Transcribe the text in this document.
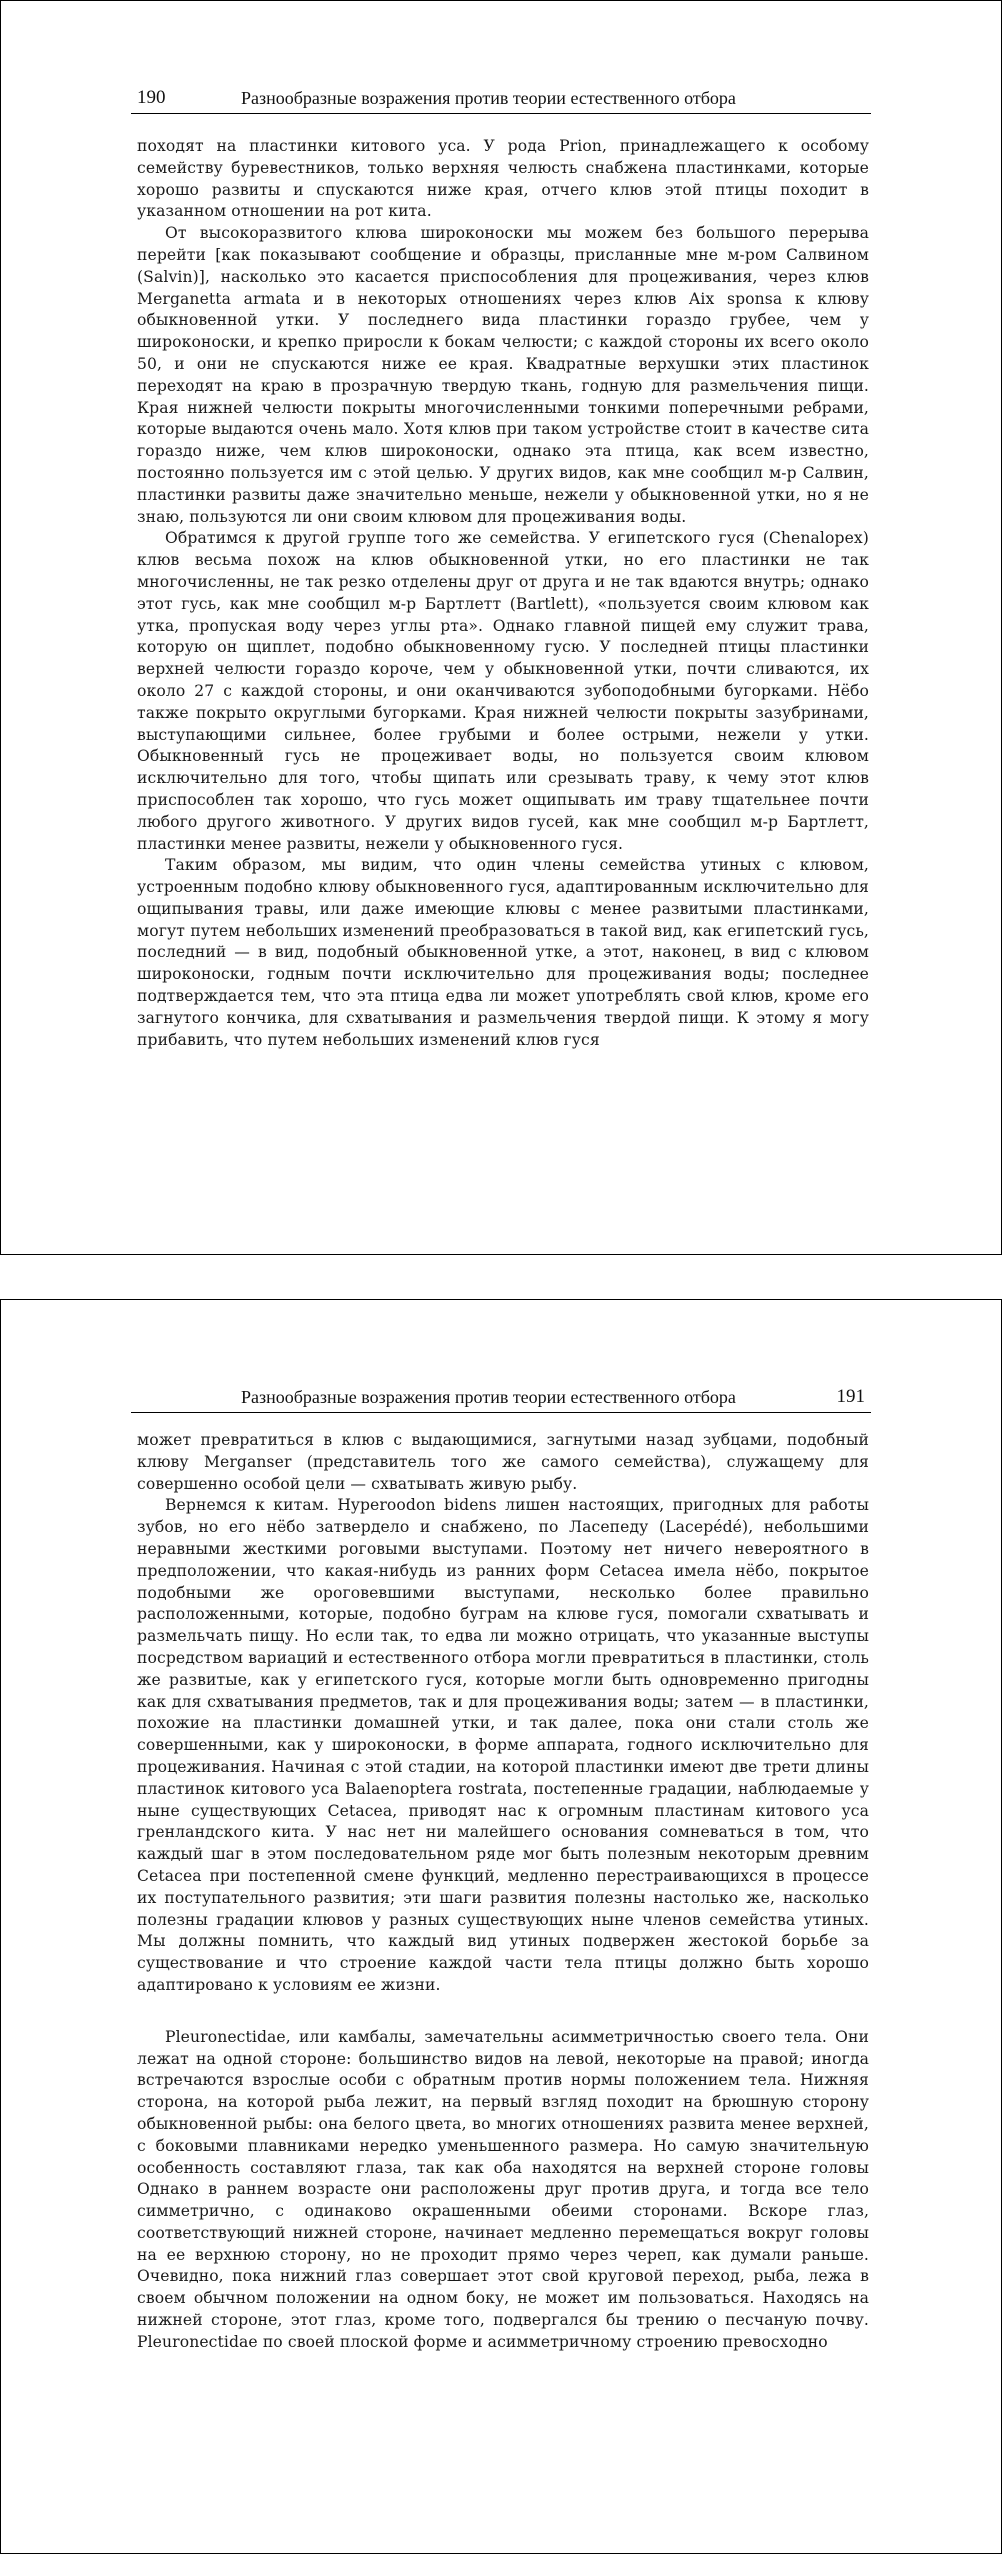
190	Разнообразные возражения против теории естественного отбора

походят на пластинки китового уса. У рода Prion, принадлежащего к особому семейству буревестников, только верхняя челюсть снабжена пластинками, которые хорошо развиты и спускаются ниже края, отчего клюв этой птицы походит в указанном отношении на рот кита.

От высокоразвитого клюва широконоски мы можем без большого перерыва перейти [как показывают сообщение и образцы, присланные мне м-ром Салвином (Salvin)], насколько это касается приспособления для процеживания, через клюв Merganetta armata и в некоторых отношениях через клюв Aix sponsa к клюву обыкновенной утки. У последнего вида пластинки гораздо грубее, чем у широконоски, и крепко приросли к бокам челюсти; с каждой стороны их всего около 50, и они не спускаются ниже ее края. Квадратные верхушки этих пластинок переходят на краю в прозрачную твердую ткань, годную для размельчения пищи. Края нижней челюсти покрыты многочисленными тонкими поперечными ребрами, которые выдаются очень мало. Хотя клюв при таком устройстве стоит в качестве сита гораздо ниже, чем клюв широконоски, однако эта птица, как всем известно, постоянно пользуется им с этой целью. У других видов, как мне сообщил м-р Салвин, пластинки развиты даже значительно меньше, нежели у обыкновенной утки, но я не знаю, пользуются ли они своим клювом для процеживания воды.

Обратимся к другой группе того же семейства. У египетского гуся (Chenalopex) клюв весьма похож на клюв обыкновенной утки, но его пластинки не так многочисленны, не так резко отделены друг от друга и не так вдаются внутрь; однако этот гусь, как мне сообщил м-р Бартлетт (Bartlett), «пользуется своим клювом как утка, пропуская воду через углы рта». Однако главной пищей ему служит трава, которую он щиплет, подобно обыкновенному гусю. У последней птицы пластинки верхней челюсти гораздо короче, чем у обыкновенной утки, почти сливаются, их около 27 с каждой стороны, и они оканчиваются зубоподобными бугорками. Нёбо также покрыто округлыми бугорками. Края нижней челюсти покрыты зазубринами, выступающими сильнее, более грубыми и более острыми, нежели у утки. Обыкновенный гусь не процеживает воды, но пользуется своим клювом исключительно для того, чтобы щипать или срезывать траву, к чему этот клюв приспособлен так хорошо, что гусь может ощипывать им траву тщательнее почти любого другого животного. У других видов гусей, как мне сообщил м-р Бартлетт, пластинки менее развиты, нежели у обыкновенного гуся.

Таким образом, мы видим, что один члены семейства утиных с клювом, устроенным подобно клюву обыкновенного гуся, адаптированным исключительно для ощипывания травы, или даже имеющие клювы с менее развитыми пластинками, могут путем небольших изменений преобразоваться в такой вид, как египетский гусь, последний — в вид, подобный обыкновенной утке, а этот, наконец, в вид с клювом широконоски, годным почти исключительно для процеживания воды; последнее подтверждается тем, что эта птица едва ли может употреблять свой клюв, кроме его загнутого кончика, для схватывания и размельчения твердой пищи. К этому я могу прибавить, что путем небольших изменений клюв гуся

Разнообразные возражения против теории естественного отбора	191

может превратиться в клюв с выдающимися, загнутыми назад зубцами, подобный клюву Merganser (представитель того же самого семейства), служащему для совершенно особой цели — схватывать живую рыбу.

Вернемся к китам. Hyperoodon bidens лишен настоящих, пригодных для работы зубов, но его нёбо затвердело и снабжено, по Ласепеду (Lacepédé), небольшими неравными жесткими роговыми выступами. Поэтому нет ничего невероятного в предположении, что какая-нибудь из ранних форм Cetacea имела нёбо, покрытое подобными же ороговевшими выступами, несколько более правильно расположенными, которые, подобно буграм на клюве гуся, помогали схватывать и размельчать пищу. Но если так, то едва ли можно отрицать, что указанные выступы посредством вариаций и естественного отбора могли превратиться в пластинки, столь же развитые, как у египетского гуся, которые могли быть одновременно пригодны как для схватывания предметов, так и для процеживания воды; затем — в пластинки, похожие на пластинки домашней утки, и так далее, пока они стали столь же совершенными, как у широконоски, в форме аппарата, годного исключительно для процеживания. Начиная с этой стадии, на которой пластинки имеют две трети длины пластинок китового уса Balaenoptera rostrata, постепенные градации, наблюдаемые у ныне существующих Cetacea, приводят нас к огромным пластинам китового уса гренландского кита. У нас нет ни малейшего основания сомневаться в том, что каждый шаг в этом последовательном ряде мог быть полезным некоторым древним Cetacea при постепенной смене функций, медленно перестраивающихся в процессе их поступательного развития; эти шаги развития полезны настолько же, насколько полезны градации клювов у разных существующих ныне членов семейства утиных. Мы должны помнить, что каждый вид утиных подвержен жестокой борьбе за существование и что строение каждой части тела птицы должно быть хорошо адаптировано к условиям ее жизни.

Pleuronectidae, или камбалы, замечательны асимметричностью своего тела. Они лежат на одной стороне: большинство видов на левой, некоторые на правой; иногда встречаются взрослые особи с обратным против нормы положением тела. Нижняя сторона, на которой рыба лежит, на первый взгляд походит на брюшную сторону обыкновенной рыбы: она белого цвета, во многих отношениях развита менее верхней, с боковыми плавниками нередко уменьшенного размера. Но самую значительную особенность составляют глаза, так как оба находятся на верхней стороне головы Однако в раннем возрасте они расположены друг против друга, и тогда все тело симметрично, с одинаково окрашенными обеими сторонами. Вскоре глаз, соответствующий нижней стороне, начинает медленно перемещаться вокруг головы на ее верхнюю сторону, но не проходит прямо через череп, как думали раньше. Очевидно, пока нижний глаз совершает этот свой круговой переход, рыба, лежа в своем обычном положении на одном боку, не может им пользоваться. Находясь на нижней стороне, этот глаз, кроме того, подвергался бы трению о песчаную почву. Pleuronectidae по своей плоской форме и асимметричному строению превосходно
